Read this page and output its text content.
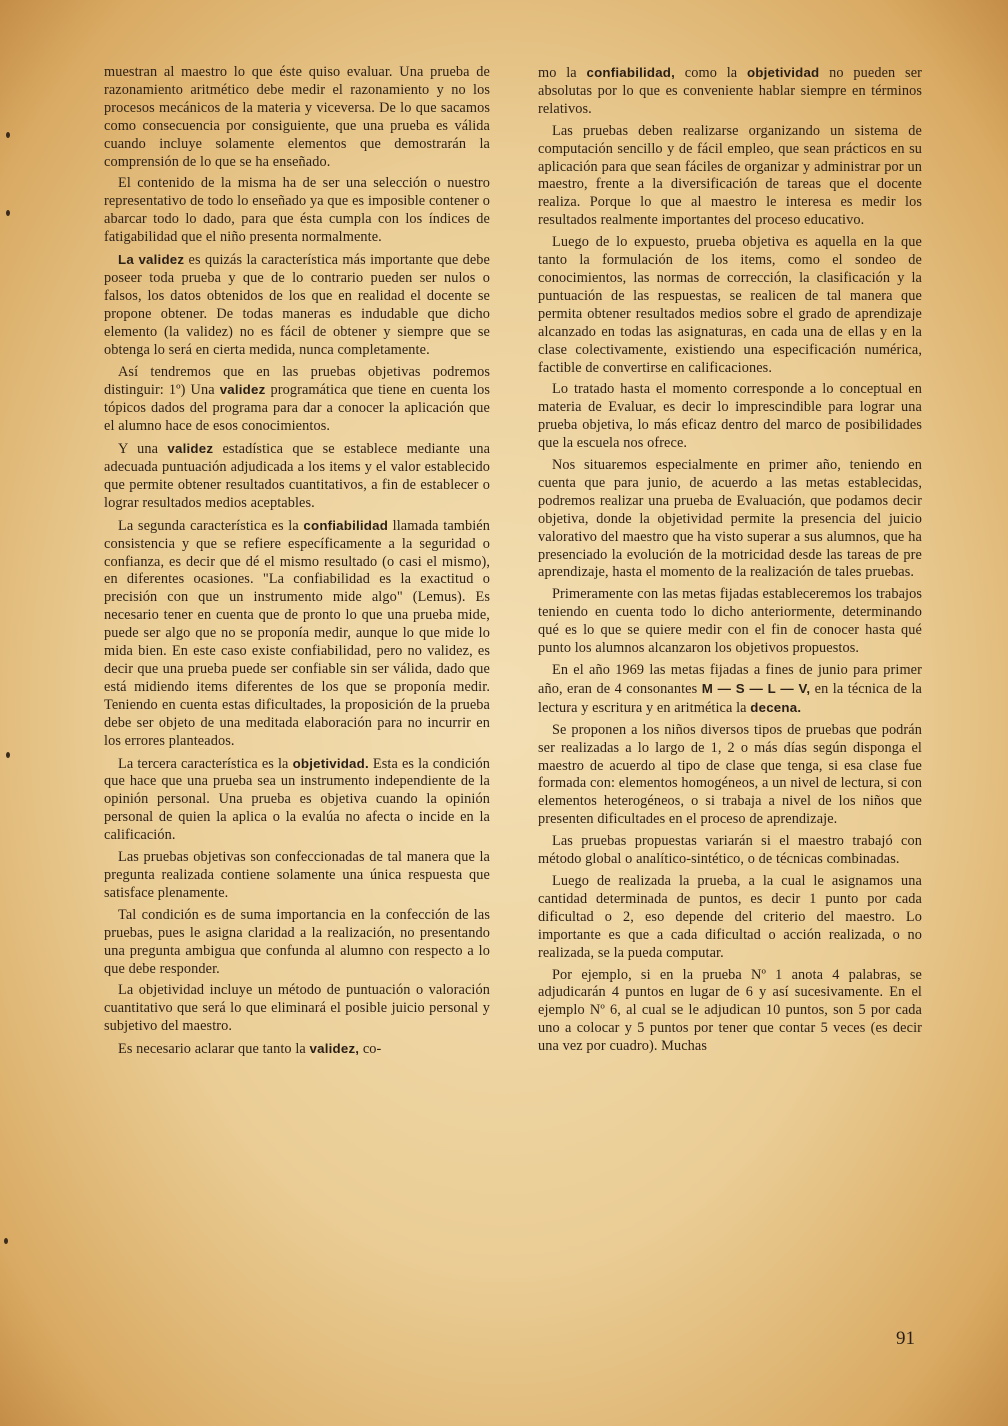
muestran al maestro lo que éste quiso evaluar. Una prueba de razonamiento aritmético debe medir el razonamiento y no los procesos mecánicos de la materia y viceversa. De lo que sacamos como consecuencia por consiguiente, que una prueba es válida cuando incluye solamente elementos que demostrarán la comprensión de lo que se ha enseñado.

El contenido de la misma ha de ser una selección o nuestro representativo de todo lo enseñado ya que es imposible contener o abarcar todo lo dado, para que ésta cumpla con los índices de fatigabilidad que el niño presenta normalmente.

La validez es quizás la característica más importante que debe poseer toda prueba y que de lo contrario pueden ser nulos o falsos, los datos obtenidos de los que en realidad el docente se propone obtener. De todas maneras es indudable que dicho elemento (la validez) no es fácil de obtener y siempre que se obtenga lo será en cierta medida, nunca completamente.

Así tendremos que en las pruebas objetivas podremos distinguir: 1º) Una validez programática que tiene en cuenta los tópicos dados del programa para dar a conocer la aplicación que el alumno hace de esos conocimientos.

Y una validez estadística que se establece mediante una adecuada puntuación adjudicada a los items y el valor establecido que permite obtener resultados cuantitativos, a fin de establecer o lograr resultados medios aceptables.

La segunda característica es la confiabilidad llamada también consistencia y que se refiere específicamente a la seguridad o confianza, es decir que dé el mismo resultado (o casi el mismo), en diferentes ocasiones. "La confiabilidad es la exactitud o precisión con que un instrumento mide algo" (Lemus). Es necesario tener en cuenta que de pronto lo que una prueba mide, puede ser algo que no se proponía medir, aunque lo que mide lo mida bien. En este caso existe confiabilidad, pero no validez, es decir que una prueba puede ser confiable sin ser válida, dado que está midiendo items diferentes de los que se proponía medir. Teniendo en cuenta estas dificultades, la proposición de la prueba debe ser objeto de una meditada elaboración para no incurrir en los errores planteados.

La tercera característica es la objetividad. Esta es la condición que hace que una prueba sea un instrumento independiente de la opinión personal. Una prueba es objetiva cuando la opinión personal de quien la aplica o la evalúa no afecta o incide en la calificación.

Las pruebas objetivas son confeccionadas de tal manera que la pregunta realizada contiene solamente una única respuesta que satisface plenamente.

Tal condición es de suma importancia en la confección de las pruebas, pues le asigna claridad a la realización, no presentando una pregunta ambigua que confunda al alumno con respecto a lo que debe responder.

La objetividad incluye un método de puntuación o valoración cuantitativo que será lo que eliminará el posible juicio personal y subjetivo del maestro.

Es necesario aclarar que tanto la validez, co-

mo la confiabilidad, como la objetividad no pueden ser absolutas por lo que es conveniente hablar siempre en términos relativos.

Las pruebas deben realizarse organizando un sistema de computación sencillo y de fácil empleo, que sean prácticos en su aplicación para que sean fáciles de organizar y administrar por un maestro, frente a la diversificación de tareas que el docente realiza. Porque lo que al maestro le interesa es medir los resultados realmente importantes del proceso educativo.

Luego de lo expuesto, prueba objetiva es aquella en la que tanto la formulación de los items, como el sondeo de conocimientos, las normas de corrección, la clasificación y la puntuación de las respuestas, se realicen de tal manera que permita obtener resultados medios sobre el grado de aprendizaje alcanzado en todas las asignaturas, en cada una de ellas y en la clase colectivamente, existiendo una especificación numérica, factible de convertirse en calificaciones.

Lo tratado hasta el momento corresponde a lo conceptual en materia de Evaluar, es decir lo imprescindible para lograr una prueba objetiva, lo más eficaz dentro del marco de posibilidades que la escuela nos ofrece.

Nos situaremos especialmente en primer año, teniendo en cuenta que para junio, de acuerdo a las metas establecidas, podremos realizar una prueba de Evaluación, que podamos decir objetiva, donde la objetividad permite la presencia del juicio valorativo del maestro que ha visto superar a sus alumnos, que ha presenciado la evolución de la motricidad desde las tareas de pre aprendizaje, hasta el momento de la realización de tales pruebas.

Primeramente con las metas fijadas estableceremos los trabajos teniendo en cuenta todo lo dicho anteriormente, determinando qué es lo que se quiere medir con el fin de conocer hasta qué punto los alumnos alcanzaron los objetivos propuestos.

En el año 1969 las metas fijadas a fines de junio para primer año, eran de 4 consonantes M — S — L — V, en la técnica de la lectura y escritura y en aritmética la decena.

Se proponen a los niños diversos tipos de pruebas que podrán ser realizadas a lo largo de 1, 2 o más días según disponga el maestro de acuerdo al tipo de clase que tenga, si esa clase fue formada con: elementos homogéneos, a un nivel de lectura, si con elementos heterogéneos, o si trabaja a nivel de los niños que presenten dificultades en el proceso de aprendizaje.

Las pruebas propuestas variarán si el maestro trabajó con método global o analítico-sintético, o de técnicas combinadas.

Luego de realizada la prueba, a la cual le asignamos una cantidad determinada de puntos, es decir 1 punto por cada dificultad o 2, eso depende del criterio del maestro. Lo importante es que a cada dificultad o acción realizada, o no realizada, se la pueda computar.

Por ejemplo, si en la prueba Nº 1 anota 4 palabras, se adjudicarán 4 puntos en lugar de 6 y así sucesivamente. En el ejemplo Nº 6, al cual se le adjudican 10 puntos, son 5 por cada uno a colocar y 5 puntos por tener que contar 5 veces (es decir una vez por cuadro). Muchas

91
